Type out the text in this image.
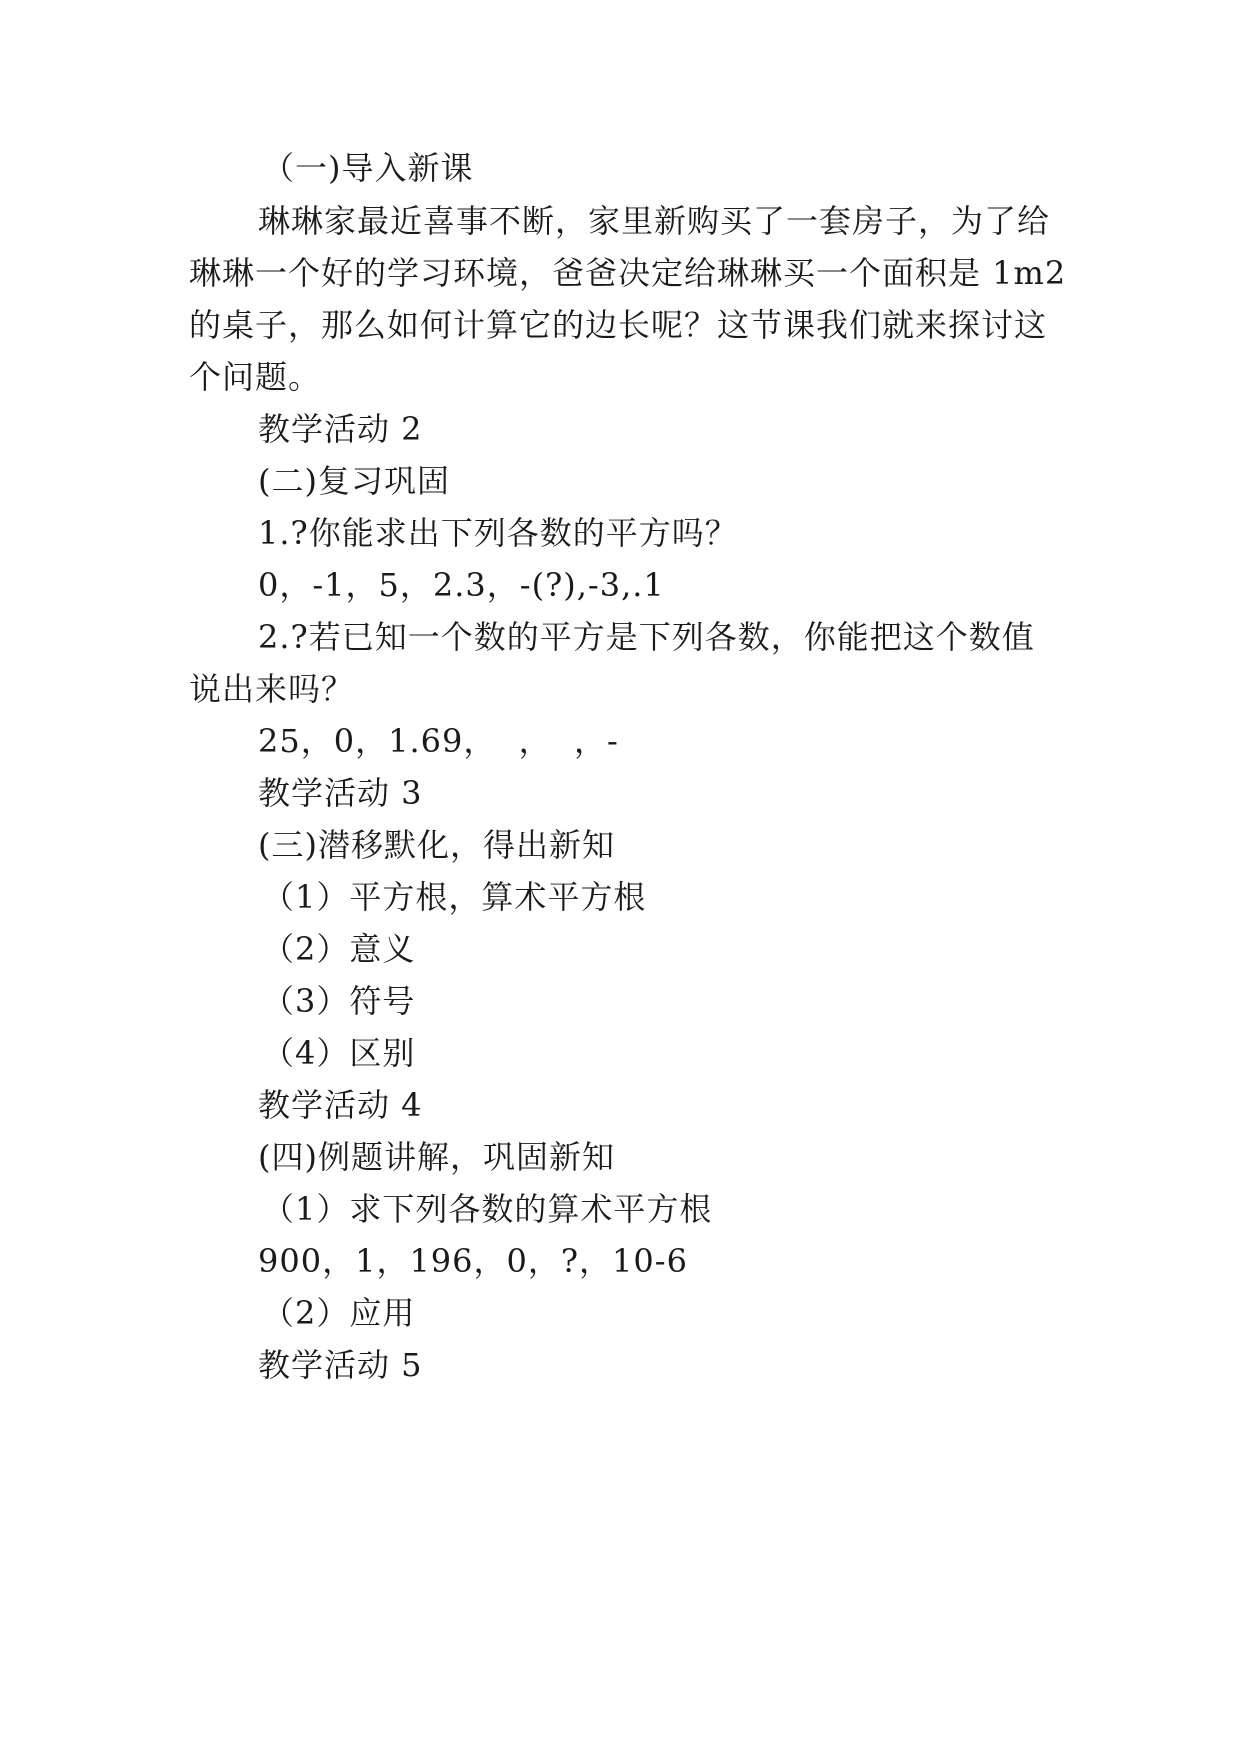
（一)导入新课
琳琳家最近喜事不断，家里新购买了一套房子，为了给
琳琳一个好的学习环境，爸爸决定给琳琳买一个面积是 1m2
的桌子，那么如何计算它的边长呢？这节课我们就来探讨这
个问题。
教学活动 2
(二)复习巩固
1.?你能求出下列各数的平方吗？
0，-1，5，2.3，-(?),-3,.1
2.?若已知一个数的平方是下列各数，你能把这个数值
说出来吗？
25，0，1.69，  ，  ，-
教学活动 3
(三)潜移默化，得出新知
（1）平方根，算术平方根
（2）意义
（3）符号
（4）区别
教学活动 4
(四)例题讲解，巩固新知
（1）求下列各数的算术平方根
900，1，196，0，?，10-6
（2）应用
教学活动 5
